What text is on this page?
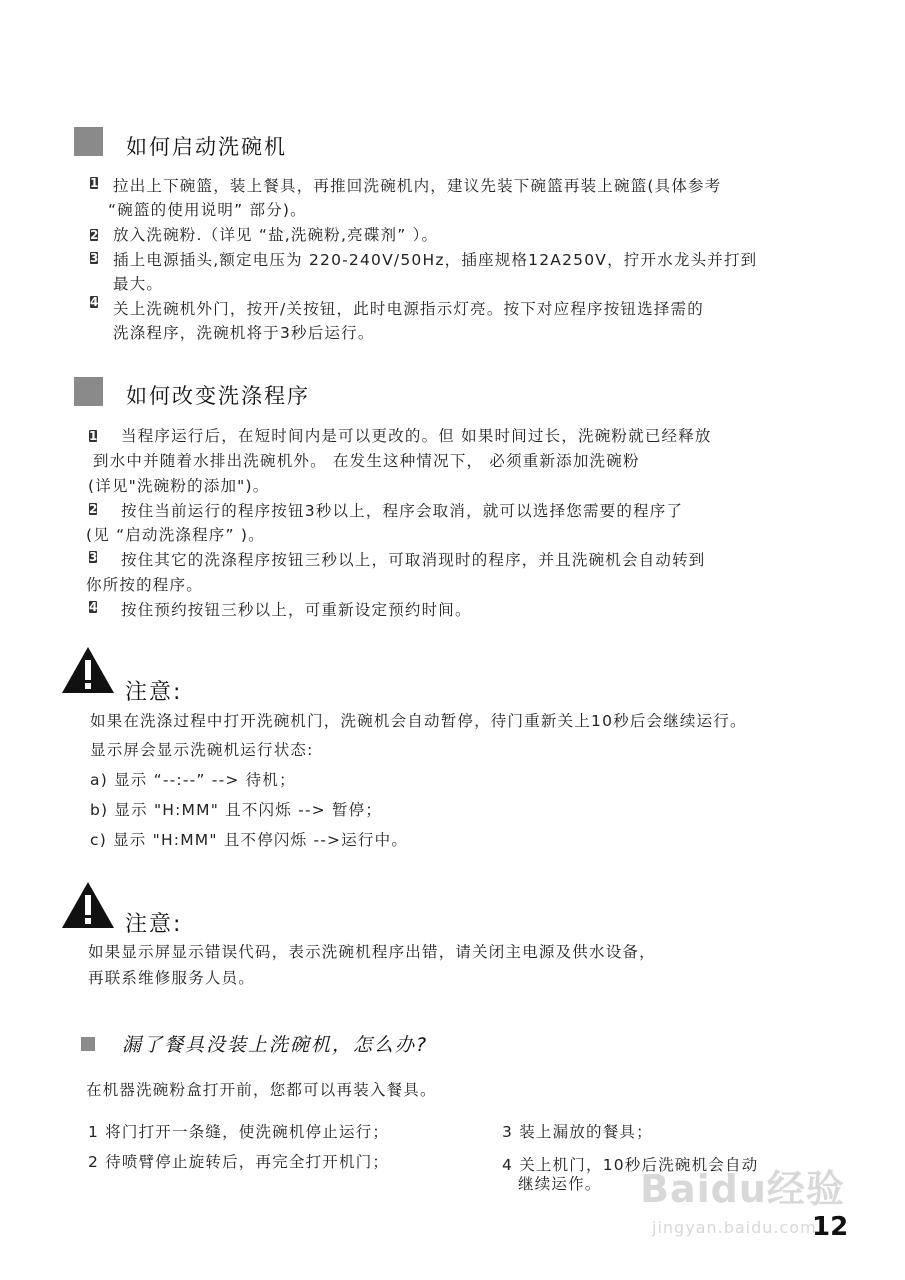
如何启动洗碗机
1 拉出上下碗篮，装上餐具，再推回洗碗机内，建议先装下碗篮再装上碗篮(具体参考
“碗篮的使用说明” 部分)。
2 放入洗碗粉.（详见 “盐,洗碗粉,亮碟剂” ）。
3 插上电源插头,额定电压为 220-240V/50Hz，插座规格12A250V，拧开水龙头并打到
最大。
4 关上洗碗机外门，按开/关按钮，此时电源指示灯亮。按下对应程序按钮选择需的
洗涤程序，洗碗机将于3秒后运行。
如何改变洗涤程序
1 当程序运行后，在短时间内是可以更改的。但 如果时间过长，洗碗粉就已经释放
到水中并随着水排出洗碗机外。 在发生这种情况下， 必须重新添加洗碗粉
(详见"洗碗粉的添加")。
2 按住当前运行的程序按钮3秒以上，程序会取消，就可以选择您需要的程序了
(见 “启动洗涤程序” )。
3 按住其它的洗涤程序按钮三秒以上，可取消现时的程序，并且洗碗机会自动转到
你所按的程序。
4 按住预约按钮三秒以上，可重新设定预约时间。
注意:
如果在洗涤过程中打开洗碗机门，洗碗机会自动暂停，待门重新关上10秒后会继续运行。
显示屏会显示洗碗机运行状态:
a) 显示 “--:--” --> 待机；
b) 显示 "H:MM" 且不闪烁 --> 暂停；
c) 显示 "H:MM" 且不停闪烁 -->运行中。
注意:
如果显示屏显示错误代码，表示洗碗机程序出错，请关闭主电源及供水设备，
再联系维修服务人员。
漏了餐具没装上洗碗机，怎么办?
在机器洗碗粉盒打开前，您都可以再装入餐具。
1 将门打开一条缝，使洗碗机停止运行；
2 待喷臂停止旋转后，再完全打开机门；
3 装上漏放的餐具；
4 关上机门，10秒后洗碗机会自动
继续运作。 Baidu经验
jingyan.baidu.com
12
